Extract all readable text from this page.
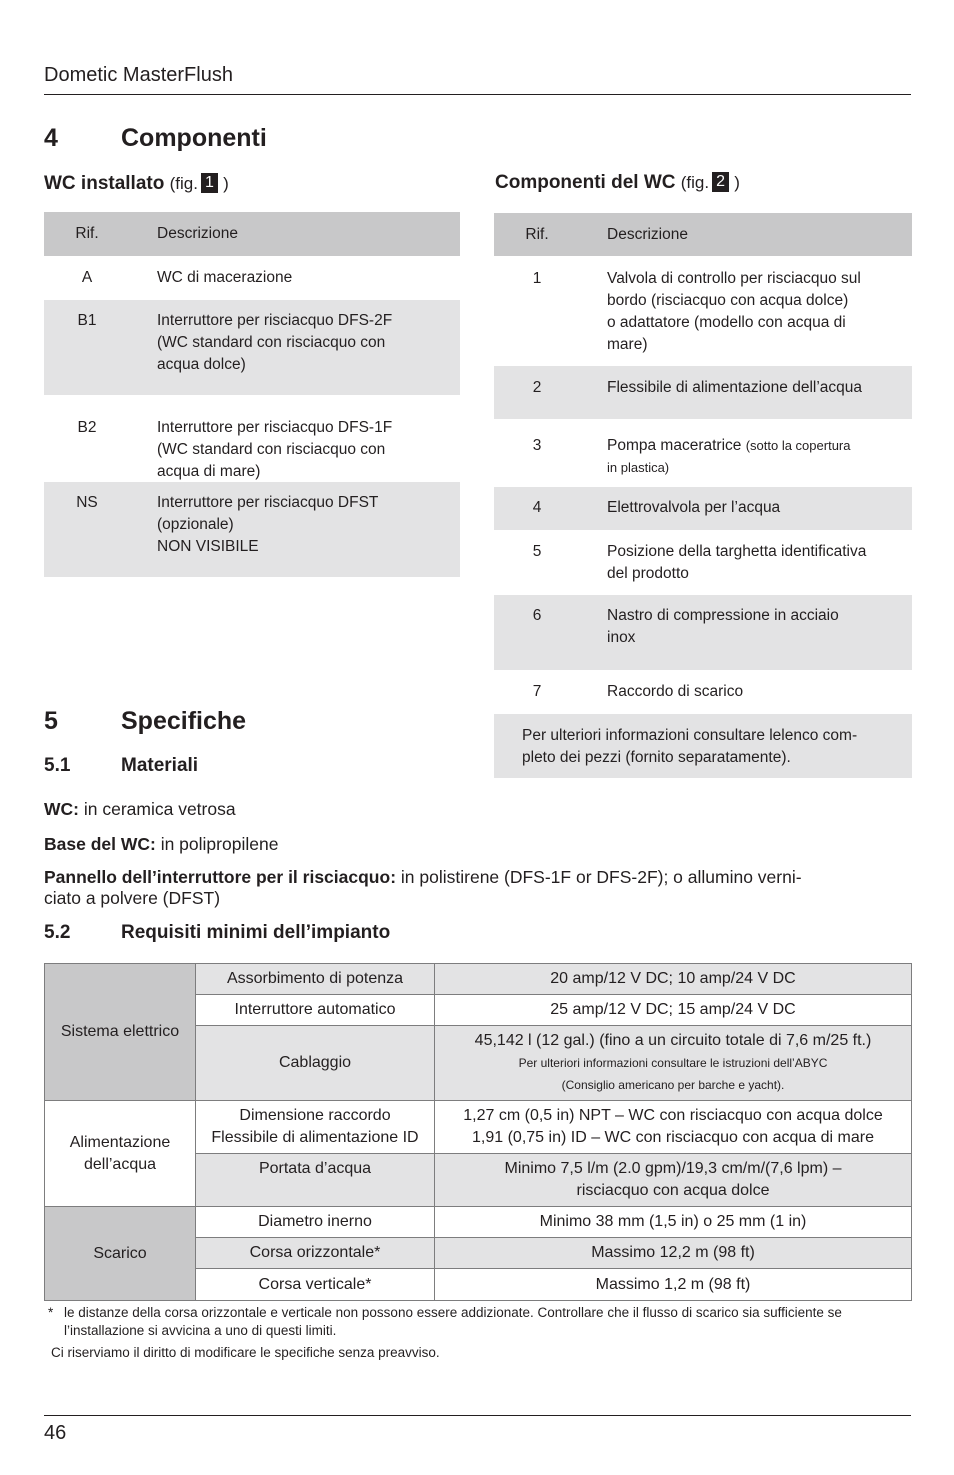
Dometic MasterFlush
4	Componenti
WC installato (fig. 1 )
Rif.	Descrizione
A	WC di macerazione
B1	Interruttore per risciacquo DFS-2F
(WC standard con risciacquo con
acqua dolce)
B2	Interruttore per risciacquo DFS-1F
(WC standard con risciacquo con
acqua di mare)
NS	Interruttore per risciacquo DFST
(opzionale)
NON VISIBILE
Componenti del WC (fig. 2 )
Rif.	Descrizione
1	Valvola di controllo per risciacquo sul
bordo (risciacquo con acqua dolce)
o adattatore (modello con acqua di
mare)
2	Flessibile di alimentazione dell’acqua
3	Pompa maceratrice (sotto la copertura
in plastica)
4	Elettrovalvola per l’acqua
5	Posizione della targhetta identificativa
del prodotto
6	Nastro di compressione in acciaio
inox
7	Raccordo di scarico
Per ulteriori informazioni consultare lelenco com-
pleto dei pezzi (fornito separatamente).
5	Specifiche
5.1	Materiali
WC: in ceramica vetrosa
Base del WC: in polipropilene
Pannello dell’interruttore per il risciacquo: in polistirene (DFS-1F or DFS-2F); o allumino verni-
ciato a polvere (DFST)
5.2	Requisiti minimi dell’impianto
Sistema elettrico	Assorbimento di potenza	20 amp/12 V DC; 10 amp/24 V DC
	Interruttore automatico	25 amp/12 V DC; 15 amp/24 V DC
	Cablaggio	45,142 l (12 gal.) (fino a un circuito totale di 7,6 m/25 ft.)
Per ulteriori informazioni consultare le istruzioni dell’ABYC
(Consiglio americano per barche e yacht).

Alimentazione
dell’acqua	Dimensione raccordo
Flessibile di alimentazione ID	1,27 cm (0,5 in) NPT – WC con risciacquo con acqua dolce
1,91 (0,75 in) ID – WC con risciacquo con acqua di mare

	Portata d’acqua	Minimo 7,5 l/m (2.0 gpm)/19,3 cm/m/(7,6 lpm) –
risciacquo con acqua dolce

Scarico	Diametro inerno	Minimo 38 mm (1,5 in) o 25 mm (1 in)
	Corsa orizzontale*	Massimo 12,2 m (98 ft)
	Corsa verticale*	Massimo 1,2 m (98 ft)
* le distanze della corsa orizzontale e verticale non possono essere addizionate. Controllare che il flusso di scarico sia sufficiente se
l’installazione si avvicina a uno di questi limiti.
Ci riserviamo il diritto di modificare le specifiche senza preavviso.
46
